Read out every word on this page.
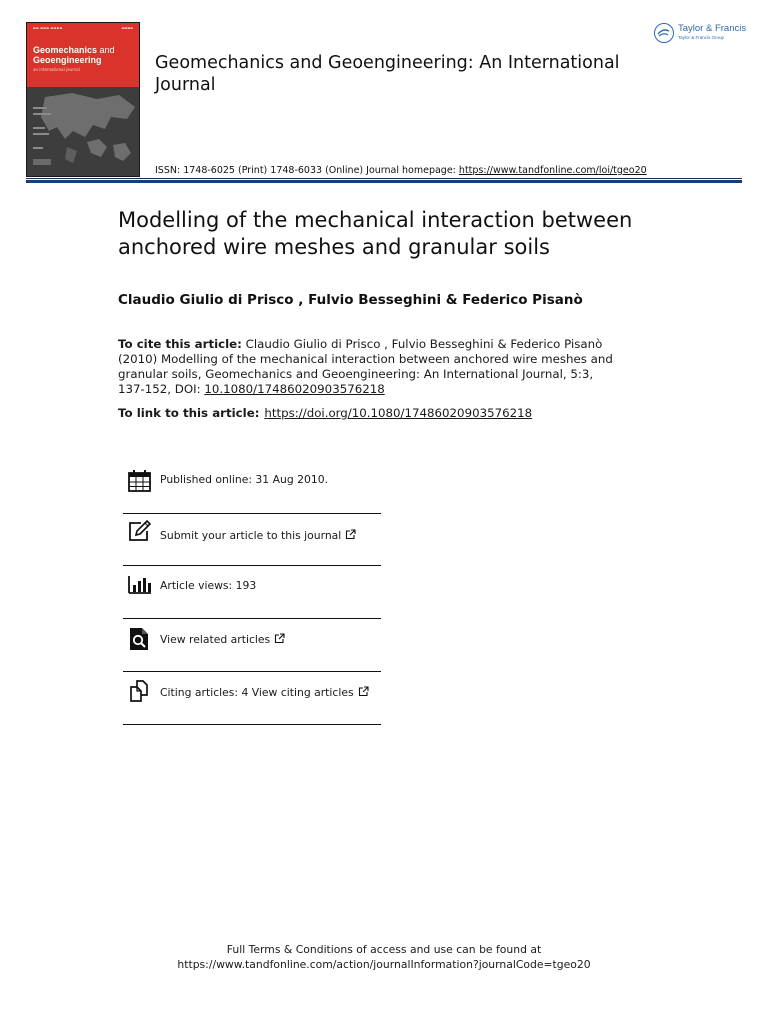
▬▬ ▬▬▬ ▬▬▬▬	▬▬▬▬
Geomechanics and
Geoengineering
an international journal	Geomechanics and Geoengineering: An International Journal
Taylor & Francis
Taylor & Francis Group
ISSN: 1748-6025 (Print) 1748-6033 (Online) Journal homepage: https://www.tandfonline.com/loi/tgeo20
Modelling of the mechanical interaction between anchored wire meshes and granular soils
Claudio Giulio di Prisco , Fulvio Besseghini & Federico Pisanò
To cite this article: Claudio Giulio di Prisco , Fulvio Besseghini & Federico Pisanò (2010) Modelling of the mechanical interaction between anchored wire meshes and granular soils, Geomechanics and Geoengineering: An International Journal, 5:3, 137-152, DOI: 10.1080/17486020903576218
To link to this article: https://doi.org/10.1080/17486020903576218
Published online: 31 Aug 2010.
Submit your article to this journal
Article views: 193
View related articles
Citing articles: 4 View citing articles
Full Terms & Conditions of access and use can be found at
https://www.tandfonline.com/action/journalInformation?journalCode=tgeo20
